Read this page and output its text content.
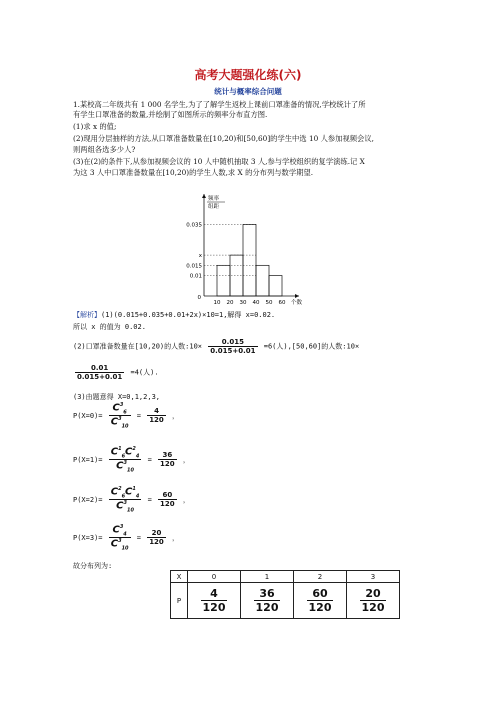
高考大题强化练(六)
统计与概率综合问题
1.某校高二年级共有 1 000 名学生,为了了解学生返校上课前口罩准备的情况,学校统计了所
有学生口罩准备的数量,并绘制了如图所示的频率分布直方图.
(1)求 x 的值;
(2)现用分层抽样的方法,从口罩准备数量在[10,20)和[50,60]的学生中选 10 人参加视频会议,
则两组各选多少人?
(3)在(2)的条件下,从参加视频会议的 10 人中随机抽取 3 人,参与学校组织的复学演练.记 X
为这 3 人中口罩准备数量在[10,20)的学生人数,求 X 的分布列与数学期望.
频率
组距
0.035
x
0.015
0.01
10 20 30 40 50 60
0
个数
【解析】(1)(0.015+0.035+0.01+2x)×10=1,解得 x=0.02.
所以 x 的值为 0.02.
(2)口罩准备数量在[10,20)的人数:10× $\frac{0.015}{0.015+0.01} =6$(人),[50,60]的人数:10×
$\frac{0.01}{0.015+0.01} =4$(人).
(3)由题意得 X=0,1,2,3,
$P(X=0)= \frac{C^3_6}{C^3_{10}} = \frac{4}{120}$ ，
$P(X=1)= \frac{C^1_6C^2_4}{C^3_{10}} = \frac{36}{120}$ ，
$P(X=2)= \frac{C^2_6C^1_4}{C^3_{10}} = \frac{60}{120}$ ，
$P(X=3)= \frac{C^3_4}{C^3_{10}} = \frac{20}{120}$ ，
故分布列为:
X	0	1	2	3
P	$\frac{4}{120}$	$\frac{36}{120}$	$\frac{60}{120}$	$\frac{20}{120}$
